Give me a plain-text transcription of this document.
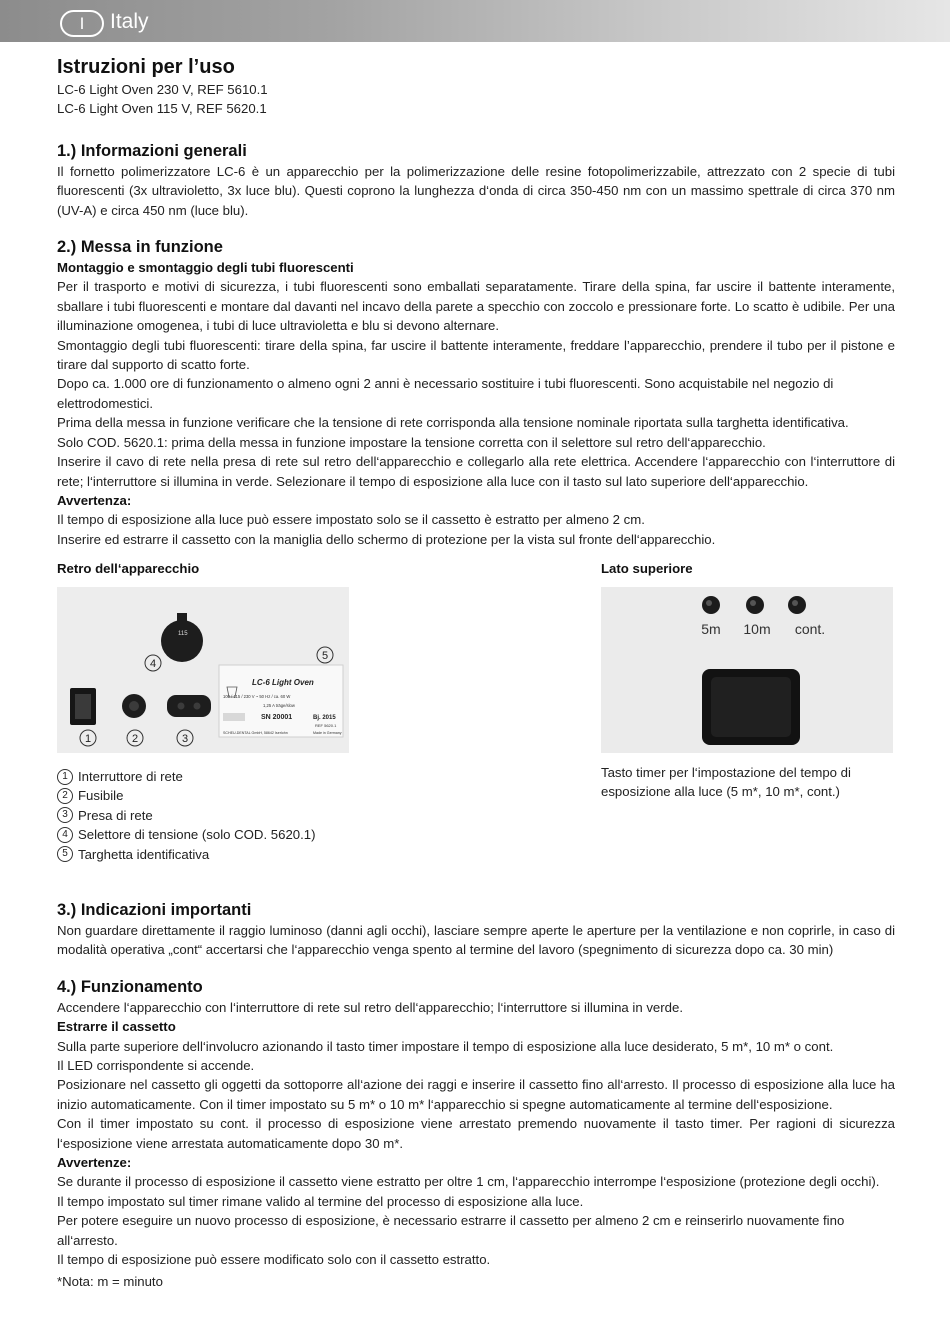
I	Italy
Istruzioni per l’uso

LC-6 Light Oven 230 V, REF 5610.1

LC-6 Light Oven 115 V, REF 5620.1

1.) Informazioni generali

Il fornetto polimerizzatore LC-6 è un apparecchio per la polimerizzazione delle resine fotopolimerizzabile, attrezzato con 2 specie di tubi fluorescenti (3x ultravioletto, 3x luce blu). Questi coprono la lunghezza d‘onda di circa 350-450 nm con un massimo spettrale di circa 370 nm (UV-A) e circa 450 nm (luce blu).

2.) Messa in funzione

Montaggio e smontaggio degli tubi fluorescenti

Per il trasporto e motivi di sicurezza, i tubi fluorescenti sono emballati separatamente. Tirare della spina, far uscire il battente interamente, sballare i tubi fluorescenti e montare dal davanti nel incavo della parete a specchio con zoccolo e pressionare forte. Lo scatto è udibile. Per una illuminazione omogenea, i tubi di luce ultravioletta e blu si devono alternare.

Smontaggio degli tubi fluorescenti: tirare della spina, far uscire il battente interamente, freddare l’apparecchio, prendere il tubo per il pistone e tirare dal supporto di scatto forte.

Dopo ca. 1.000 ore di funzionamento o almeno ogni 2 anni è necessario sostituire i tubi fluorescenti. Sono acquistabile nel negozio di elettrodomestici.

Prima della messa in funzione verificare che la tensione di rete corrisponda alla tensione nominale riportata sulla targhetta identificativa.

Solo COD. 5620.1: prima della messa in funzione impostare la tensione corretta con il selettore sul retro dell‘apparecchio.

Inserire il cavo di rete nella presa di rete sul retro dell‘apparecchio e collegarlo alla rete elettrica. Accendere l‘apparecchio con l‘interruttore di rete; l‘interruttore si illumina in verde. Selezionare il tempo di esposizione alla luce con il tasto sul lato superiore dell‘apparecchio.

Avvertenza:

Il tempo di esposizione alla luce può essere impostato solo se il cassetto è estratto per almeno 2 cm.

Inserire ed estrarre il cassetto con la maniglia dello schermo di protezione per la vista sul fronte dell‘apparecchio.

Retro dell‘apparecchio
115
4
5
LC-6 Light Oven
100 / 115 / 230 V ~ 50 Hz / ca. 60 W
1,25 A träge/slow
SN 20001	Bj. 2015
REF 5620.1
SCHEU-DENTAL GmbH, 58642 Iserlohn	Made in Germany
1	2	3
1 Interruttore di rete
2 Fusibile
3 Presa di rete
4 Selettore di tensione (solo COD. 5620.1)
5 Targhetta identificativa
Lato superiore
5m 10m cont.
Tasto timer per l‘impostazione del tempo di esposizione alla luce (5 m*, 10 m*, cont.)
3.) Indicazioni importanti

Non guardare direttamente il raggio luminoso (danni agli occhi), lasciare sempre aperte le aperture per la ventilazione e non coprirle, in caso di modalità operativa „cont“ accertarsi che l‘apparecchio venga spento al termine del lavoro (spegnimento di sicurezza dopo ca. 30 min)

4.) Funzionamento

Accendere l‘apparecchio con l‘interruttore di rete sul retro dell‘apparecchio; l‘interruttore si illumina in verde.

Estrarre il cassetto

Sulla parte superiore dell‘involucro azionando il tasto timer impostare il tempo di esposizione alla luce desiderato, 5 m*, 10 m* o cont.

Il LED corrispondente si accende.

Posizionare nel cassetto gli oggetti da sottoporre all‘azione dei raggi e inserire il cassetto fino all‘arresto. Il processo di esposizione alla luce ha inizio automaticamente. Con il timer impostato su 5 m* o 10 m* l‘apparecchio si spegne automaticamente al termine dell‘esposizione.

Con il timer impostato su cont. il processo di esposizione viene arrestato premendo nuovamente il tasto timer. Per ragioni di sicurezza l‘esposizione viene arrestata automaticamente dopo 30 m*.

Avvertenze:

Se durante il processo di esposizione il cassetto viene estratto per oltre 1 cm, l‘apparecchio interrompe l‘esposizione (protezione degli occhi).

Il tempo impostato sul timer rimane valido al termine del processo di esposizione alla luce.

Per potere eseguire un nuovo processo di esposizione, è necessario estrarre il cassetto per almeno 2 cm e reinserirlo nuovamente fino all‘arresto.

Il tempo di esposizione può essere modificato solo con il cassetto estratto.

*Nota: m = minuto
